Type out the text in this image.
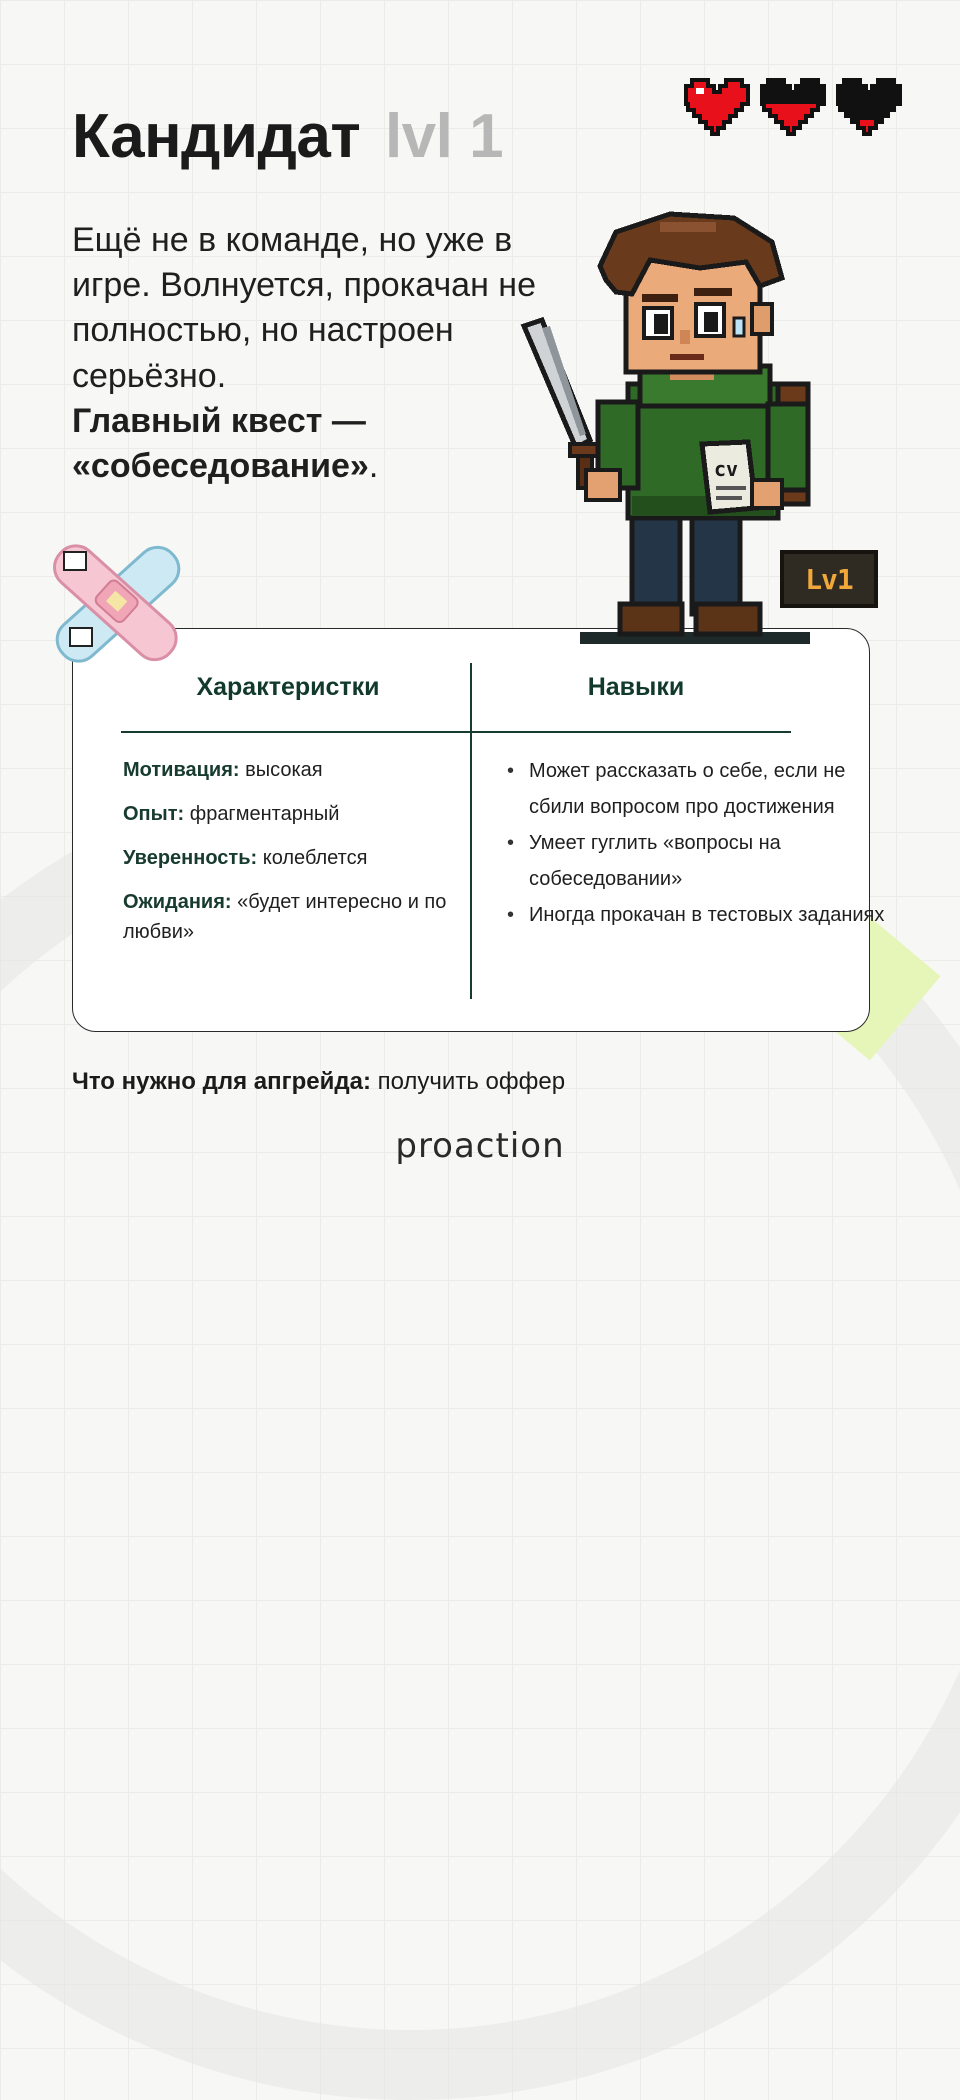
Кандидат lvl 1

Ещё не в команде, но уже в игре. Волнуется, прокачан не полностью, но настроен серьёзно.
Главный квест — «собеседование».	cv
Lv1
Характеристки	Навыки
Мотивация: высокая
Опыт: фрагментарный
Уверенность: колеблется
Ожидания: «будет интересно и по любви»
• Может рассказать о себе, если не сбили вопросом про достижения
• Умеет гуглить «вопросы на собеседовании»
• Иногда прокачан в тестовых заданиях

Что нужно для апгрейда: получить оффер

proaction
